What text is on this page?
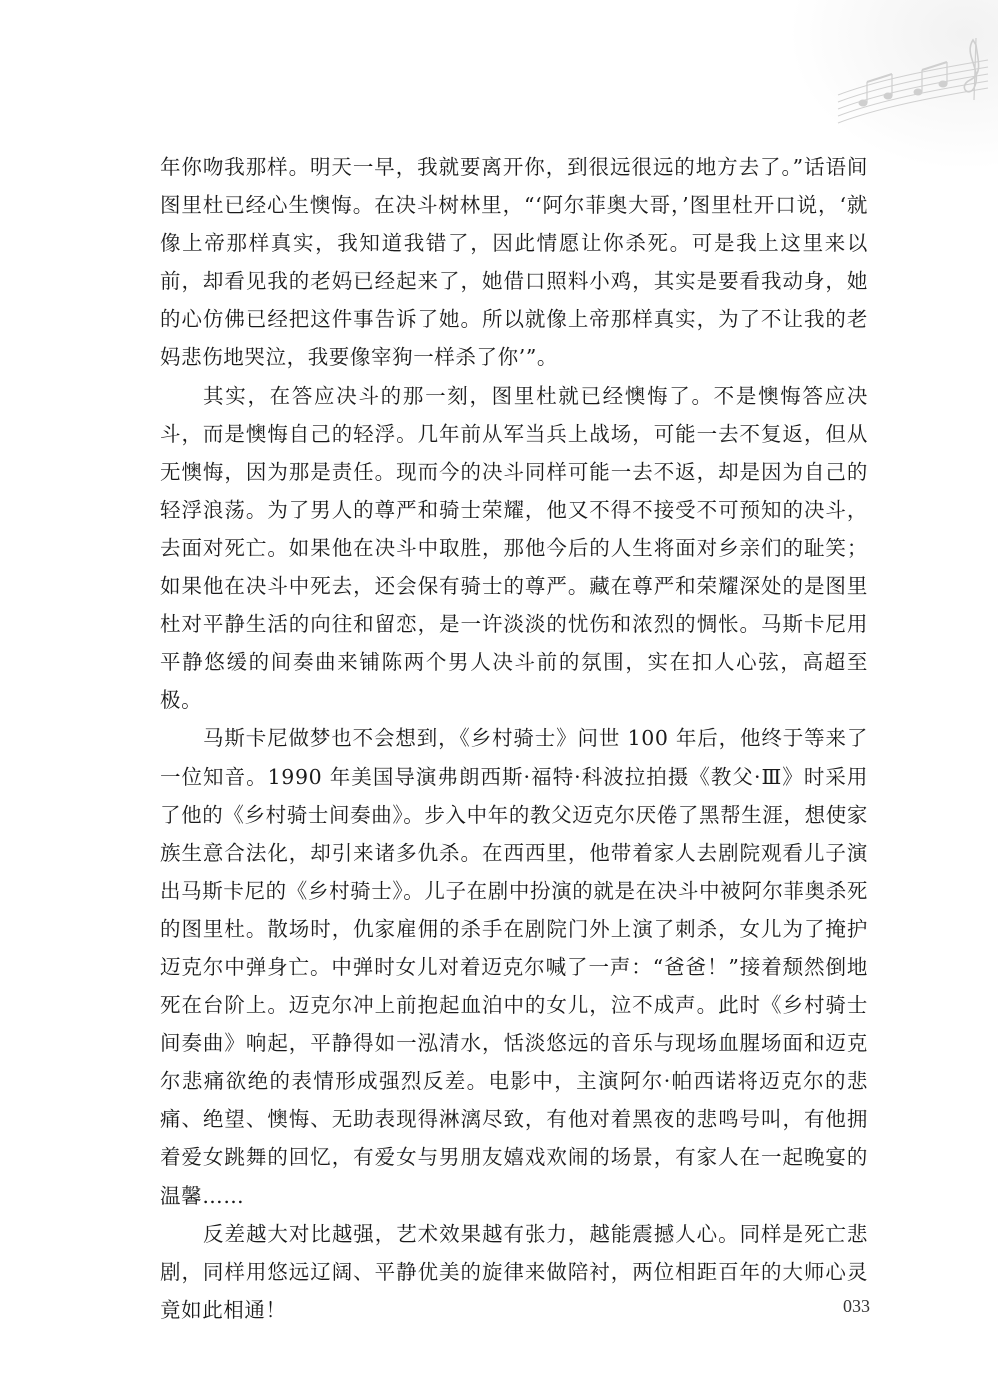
年你吻我那样。明天一早，我就要离开你，到很远很远的地方去了。”话语间图里杜已经心生懊悔。在决斗树林里，“‘阿尔菲奥大哥，’图里杜开口说，‘就像上帝那样真实，我知道我错了，因此情愿让你杀死。可是我上这里来以前，却看见我的老妈已经起来了，她借口照料小鸡，其实是要看我动身，她的心仿佛已经把这件事告诉了她。所以就像上帝那样真实，为了不让我的老妈悲伤地哭泣，我要像宰狗一样杀了你’”。

其实，在答应决斗的那一刻，图里杜就已经懊悔了。不是懊悔答应决斗，而是懊悔自己的轻浮。几年前从军当兵上战场，可能一去不复返，但从无懊悔，因为那是责任。现而今的决斗同样可能一去不返，却是因为自己的轻浮浪荡。为了男人的尊严和骑士荣耀，他又不得不接受不可预知的决斗，去面对死亡。如果他在决斗中取胜，那他今后的人生将面对乡亲们的耻笑；如果他在决斗中死去，还会保有骑士的尊严。藏在尊严和荣耀深处的是图里杜对平静生活的向往和留恋，是一许淡淡的忧伤和浓烈的惆怅。马斯卡尼用平静悠缓的间奏曲来铺陈两个男人决斗前的氛围，实在扣人心弦，高超至极。

马斯卡尼做梦也不会想到，《乡村骑士》问世 100 年后，他终于等来了一位知音。1990 年美国导演弗朗西斯·福特·科波拉拍摄《教父·Ⅲ》时采用了他的《乡村骑士间奏曲》。步入中年的教父迈克尔厌倦了黑帮生涯，想使家族生意合法化，却引来诸多仇杀。在西西里，他带着家人去剧院观看儿子演出马斯卡尼的《乡村骑士》。儿子在剧中扮演的就是在决斗中被阿尔菲奥杀死的图里杜。散场时，仇家雇佣的杀手在剧院门外上演了刺杀，女儿为了掩护迈克尔中弹身亡。中弹时女儿对着迈克尔喊了一声：“爸爸！”接着颓然倒地死在台阶上。迈克尔冲上前抱起血泊中的女儿，泣不成声。此时《乡村骑士间奏曲》响起，平静得如一泓清水，恬淡悠远的音乐与现场血腥场面和迈克尔悲痛欲绝的表情形成强烈反差。电影中，主演阿尔·帕西诺将迈克尔的悲痛、绝望、懊悔、无助表现得淋漓尽致，有他对着黑夜的悲鸣号叫，有他拥着爱女跳舞的回忆，有爱女与男朋友嬉戏欢闹的场景，有家人在一起晚宴的温馨……

反差越大对比越强，艺术效果越有张力，越能震撼人心。同样是死亡悲剧，同样用悠远辽阔、平静优美的旋律来做陪衬，两位相距百年的大师心灵竟如此相通！	033
